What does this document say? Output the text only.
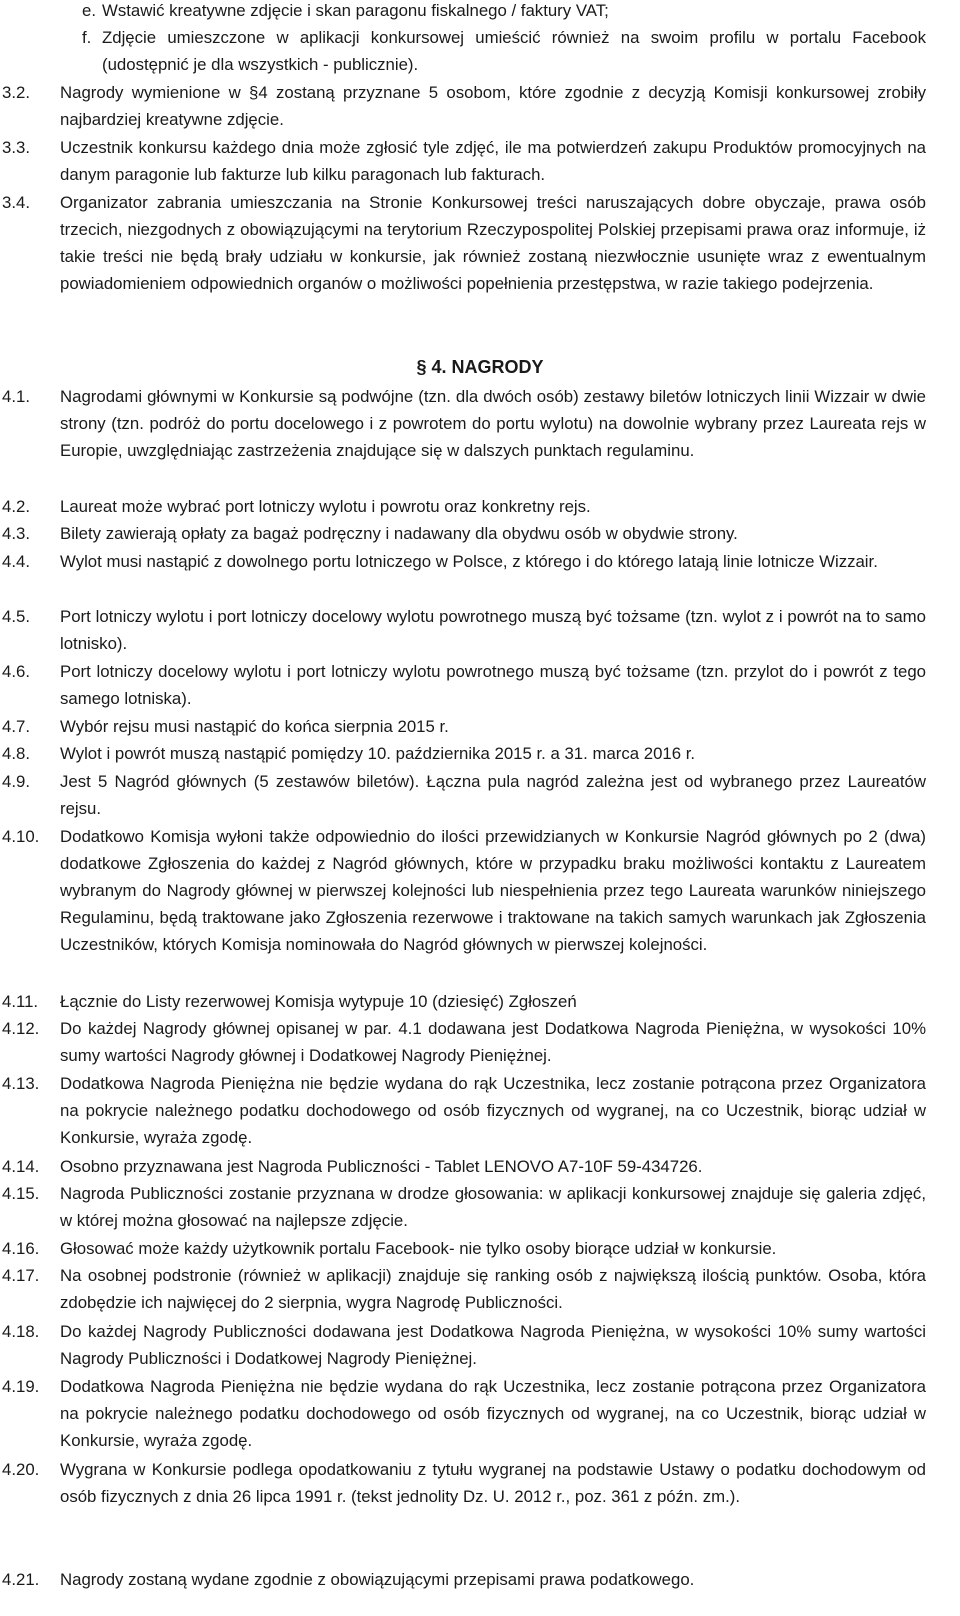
e. Wstawić kreatywne zdjęcie i skan paragonu fiskalnego / faktury VAT;
f. Zdjęcie umieszczone w aplikacji konkursowej umieścić również na swoim profilu w portalu Facebook (udostępnić je dla wszystkich - publicznie).
3.2. Nagrody wymienione w §4 zostaną przyznane 5 osobom, które zgodnie z decyzją Komisji konkursowej zrobiły najbardziej kreatywne zdjęcie.
3.3. Uczestnik konkursu każdego dnia może zgłosić tyle zdjęć, ile ma potwierdzeń zakupu Produktów promocyjnych na danym paragonie lub fakturze lub kilku paragonach lub fakturach.
3.4. Organizator zabrania umieszczania na Stronie Konkursowej treści naruszających dobre obyczaje, prawa osób trzecich, niezgodnych z obowiązującymi na terytorium Rzeczypospolitej Polskiej przepisami prawa oraz informuje, iż takie treści nie będą brały udziału w konkursie, jak również zostaną niezwłocznie usunięte wraz z ewentualnym powiadomieniem odpowiednich organów o możliwości popełnienia przestępstwa, w razie takiego podejrzenia.
§ 4. NAGRODY
4.1. Nagrodami głównymi w Konkursie są podwójne (tzn. dla dwóch osób) zestawy biletów lotniczych linii Wizzair w dwie strony (tzn. podróż do portu docelowego i z powrotem do portu wylotu) na dowolnie wybrany przez Laureata rejs w Europie, uwzględniając zastrzeżenia znajdujące się w dalszych punktach regulaminu.
4.2. Laureat może wybrać port lotniczy wylotu i powrotu oraz konkretny rejs.
4.3. Bilety zawierają opłaty za bagaż podręczny i nadawany dla obydwu osób w obydwie strony.
4.4. Wylot musi nastąpić z dowolnego portu lotniczego w Polsce, z którego i do którego latają linie lotnicze Wizzair.
4.5. Port lotniczy wylotu i port lotniczy docelowy wylotu powrotnego muszą być tożsame (tzn. wylot z i powrót na to samo lotnisko).
4.6. Port lotniczy docelowy wylotu i port lotniczy wylotu powrotnego muszą być tożsame (tzn. przylot do i powrót z tego samego lotniska).
4.7. Wybór rejsu musi nastąpić do końca sierpnia 2015 r.
4.8. Wylot i powrót muszą nastąpić pomiędzy 10. października 2015 r. a 31. marca 2016 r.
4.9. Jest 5 Nagród głównych (5 zestawów biletów). Łączna pula nagród zależna jest od wybranego przez Laureatów rejsu.
4.10. Dodatkowo Komisja wyłoni także odpowiednio do ilości przewidzianych w Konkursie Nagród głównych po 2 (dwa) dodatkowe Zgłoszenia do każdej z Nagród głównych, które w przypadku braku możliwości kontaktu z Laureatem wybranym do Nagrody głównej w pierwszej kolejności lub niespełnienia przez tego Laureata warunków niniejszego Regulaminu, będą traktowane jako Zgłoszenia rezerwowe i traktowane na takich samych warunkach jak Zgłoszenia Uczestników, których Komisja nominowała do Nagród głównych w pierwszej kolejności.
4.11. Łącznie do Listy rezerwowej Komisja wytypuje 10 (dziesięć) Zgłoszeń
4.12. Do każdej Nagrody głównej opisanej w par. 4.1 dodawana jest Dodatkowa Nagroda Pieniężna, w wysokości 10% sumy wartości Nagrody głównej i Dodatkowej Nagrody Pieniężnej.
4.13. Dodatkowa Nagroda Pieniężna nie będzie wydana do rąk Uczestnika, lecz zostanie potrącona przez Organizatora na pokrycie należnego podatku dochodowego od osób fizycznych od wygranej, na co Uczestnik, biorąc udział w Konkursie, wyraża zgodę.
4.14. Osobno przyznawana jest Nagroda Publiczności - Tablet LENOVO A7-10F 59-434726.
4.15. Nagroda Publiczności zostanie przyznana w drodze głosowania: w aplikacji konkursowej znajduje się galeria zdjęć, w której można głosować na najlepsze zdjęcie.
4.16. Głosować może każdy użytkownik portalu Facebook- nie tylko osoby biorące udział w konkursie.
4.17. Na osobnej podstronie (również w aplikacji) znajduje się ranking osób z największą ilością punktów. Osoba, która zdobędzie ich najwięcej do 2 sierpnia, wygra Nagrodę Publiczności.
4.18. Do każdej Nagrody Publiczności dodawana jest Dodatkowa Nagroda Pieniężna, w wysokości 10% sumy wartości Nagrody Publiczności i Dodatkowej Nagrody Pieniężnej.
4.19. Dodatkowa Nagroda Pieniężna nie będzie wydana do rąk Uczestnika, lecz zostanie potrącona przez Organizatora na pokrycie należnego podatku dochodowego od osób fizycznych od wygranej, na co Uczestnik, biorąc udział w Konkursie, wyraża zgodę.
4.20. Wygrana w Konkursie podlega opodatkowaniu z tytułu wygranej na podstawie Ustawy o podatku dochodowym od osób fizycznych z dnia 26 lipca 1991 r. (tekst jednolity Dz. U. 2012 r., poz. 361 z późn. zm.).
4.21. Nagrody zostaną wydane zgodnie z obowiązującymi przepisami prawa podatkowego.
